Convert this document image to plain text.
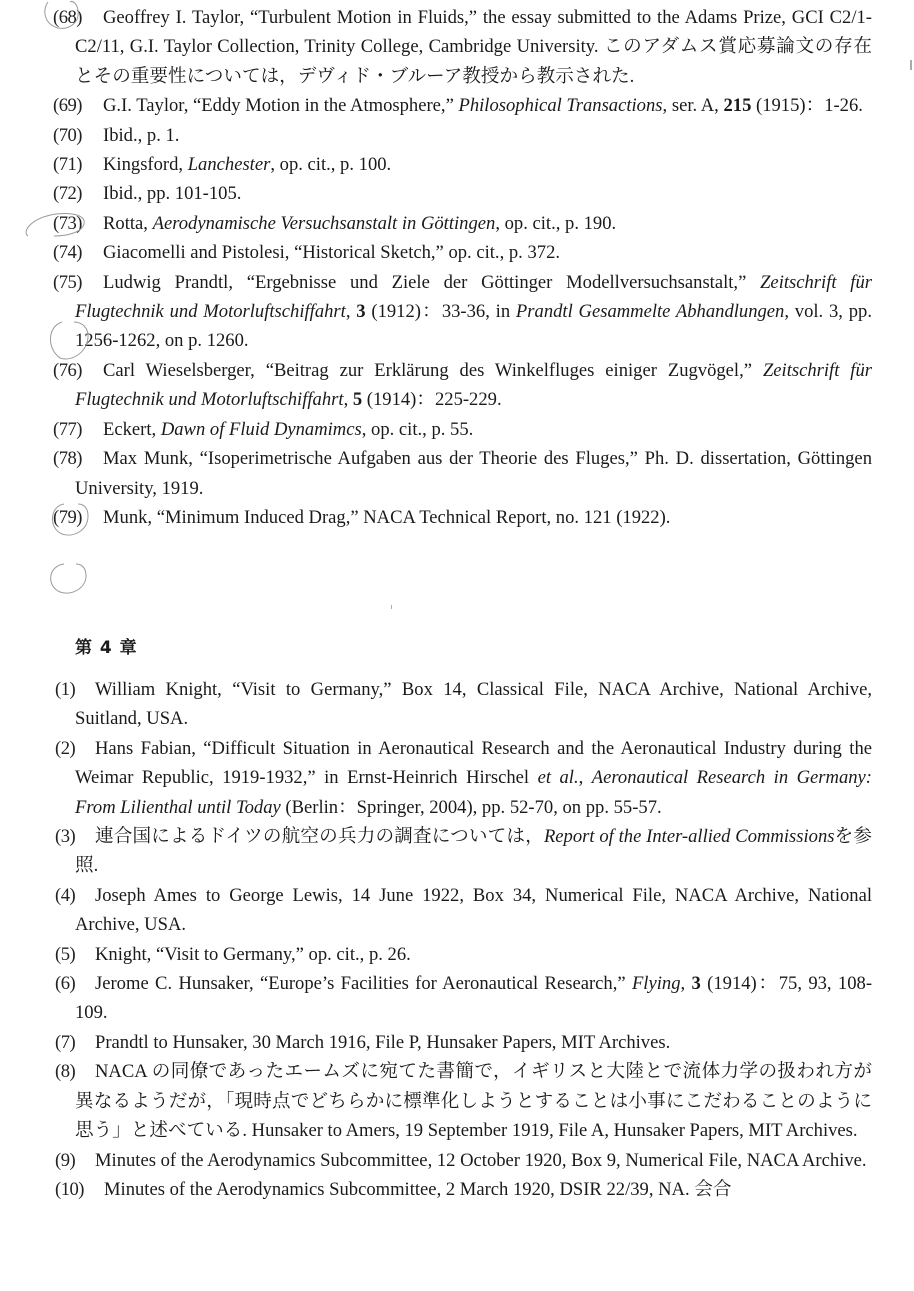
(68) Geoffrey I. Taylor, “Turbulent Motion in Fluids,” the essay submitted to the Adams Prize, GCI C2/1-C2/11, G.I. Taylor Collection, Trinity College, Cambridge University. このアダムス賞応募論文の存在とその重要性については，デヴィド・ブルーア教授から教示された.

(69) G.I. Taylor, “Eddy Motion in the Atmosphere,” Philosophical Transactions, ser. A, 215 (1915)：1-26.

(70) Ibid., p. 1.

(71) Kingsford, Lanchester, op. cit., p. 100.

(72) Ibid., pp. 101-105.

(73) Rotta, Aerodynamische Versuchsanstalt in Göttingen, op. cit., p. 190.

(74) Giacomelli and Pistolesi, “Historical Sketch,” op. cit., p. 372.

(75) Ludwig Prandtl, “Ergebnisse und Ziele der Göttinger Modellversuchsanstalt,” Zeitschrift für Flugtechnik und Motorluftschiffahrt, 3 (1912)：33-36, in Prandtl Gesammelte Abhandlungen, vol. 3, pp. 1256-1262, on p. 1260.

(76) Carl Wieselsberger, “Beitrag zur Erklärung des Winkelfluges einiger Zugvögel,” Zeitschrift für Flugtechnik und Motorluftschiffahrt, 5 (1914)：225-229.

(77) Eckert, Dawn of Fluid Dynamimcs, op. cit., p. 55.

(78) Max Munk, “Isoperimetrische Aufgaben aus der Theorie des Fluges,” Ph. D. dissertation, Göttingen University, 1919.

(79) Munk, “Minimum Induced Drag,” NACA Technical Report, no. 121 (1922).

第 4 章

(1) William Knight, “Visit to Germany,” Box 14, Classical File, NACA Archive, National Archive, Suitland, USA.

(2) Hans Fabian, “Difficult Situation in Aeronautical Research and the Aeronautical Industry during the Weimar Republic, 1919-1932,” in Ernst-Heinrich Hirschel et al., Aeronautical Research in Germany: From Lilienthal until Today (Berlin：Springer, 2004), pp. 52-70, on pp. 55-57.

(3) 連合国によるドイツの航空の兵力の調査については，Report of the Inter-allied Commissionsを参照.

(4) Joseph Ames to George Lewis, 14 June 1922, Box 34, Numerical File, NACA Archive, National Archive, USA.

(5) Knight, “Visit to Germany,” op. cit., p. 26.

(6) Jerome C. Hunsaker, “Europe’s Facilities for Aeronautical Research,” Flying, 3 (1914)：75, 93, 108-109.

(7) Prandtl to Hunsaker, 30 March 1916, File P, Hunsaker Papers, MIT Archives.

(8) NACA の同僚であったエームズに宛てた書簡で，イギリスと大陸とで流体力学の扱われ方が異なるようだが，「現時点でどちらかに標準化しようとすることは小事にこだわることのように思う」と述べている. Hunsaker to Amers, 19 September 1919, File A, Hunsaker Papers, MIT Archives.

(9) Minutes of the Aerodynamics Subcommittee, 12 October 1920, Box 9, Numerical File, NACA Archive.

(10) Minutes of the Aerodynamics Subcommittee, 2 March 1920, DSIR 22/39, NA. 会合
